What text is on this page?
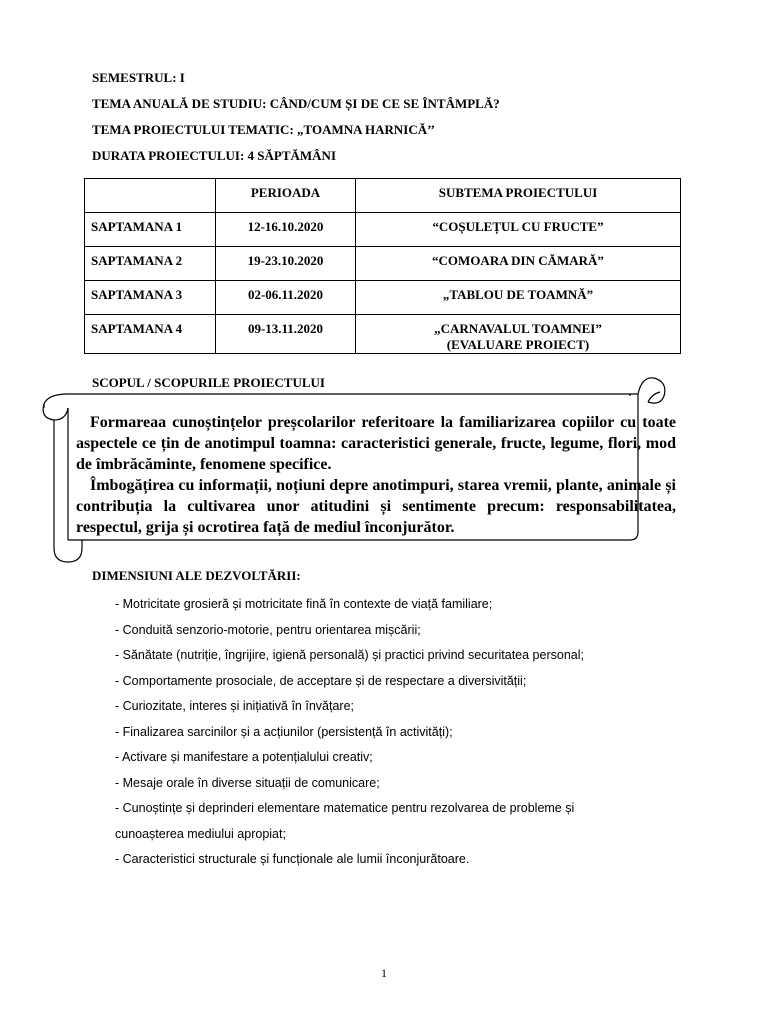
SEMESTRUL: I
TEMA ANUALĂ DE STUDIU: CÂND/CUM ȘI DE CE SE ÎNTÂMPLĂ?
TEMA PROIECTULUI TEMATIC: „TOAMNA HARNICĂ’’
DURATA PROIECTULUI: 4 SĂPTĂMÂNI
	PERIOADA	SUBTEMA PROIECTULUI
SAPTAMANA 1	12-16.10.2020	“COȘULEȚUL CU FRUCTE”
SAPTAMANA 2	19-23.10.2020	“COMOARA DIN CĂMARĂ”
SAPTAMANA 3	02-06.11.2020	„TABLOU DE TOAMNĂ”
SAPTAMANA 4	09-13.11.2020	„CARNAVALUL TOAMNEI”
(EVALUARE PROIECT)
SCOPUL / SCOPURILE PROIECTULUI

Formareaa cunoștințelor preșcolarilor referitoare la familiarizarea copiilor cu toate aspectele ce țin de anotimpul toamna: caracteristici generale, fructe, legume, flori, mod de îmbrăcăminte, fenomene specifice.

Îmbogățirea cu informații, noțiuni depre anotimpuri, starea vremii, plante, animale și contribuția la cultivarea unor atitudini și sentimente precum: responsabilitatea, respectul, grija și ocrotirea față de mediul înconjurător.

DIMENSIUNI ALE DEZVOLTĂRII:
- Motricitate grosieră și motricitate fină în contexte de viață familiare;
- Conduită senzorio-motorie, pentru orientarea mișcării;
- Sănătate (nutriție, îngrijire, igienă personală) și practici privind securitatea personal;
- Comportamente prosociale, de acceptare și de respectare a diversivității;
- Curiozitate, interes și inițiativă în învățare;
- Finalizarea sarcinilor și a acțiunilor (persistență în activități);
- Activare și manifestare a potențialului creativ;
- Mesaje orale în diverse situații de comunicare;
- Cunoștințe și deprinderi elementare matematice pentru rezolvarea de probleme și
cunoașterea mediului apropiat;
- Caracteristici structurale și funcționale ale lumii înconjurătoare.
1
